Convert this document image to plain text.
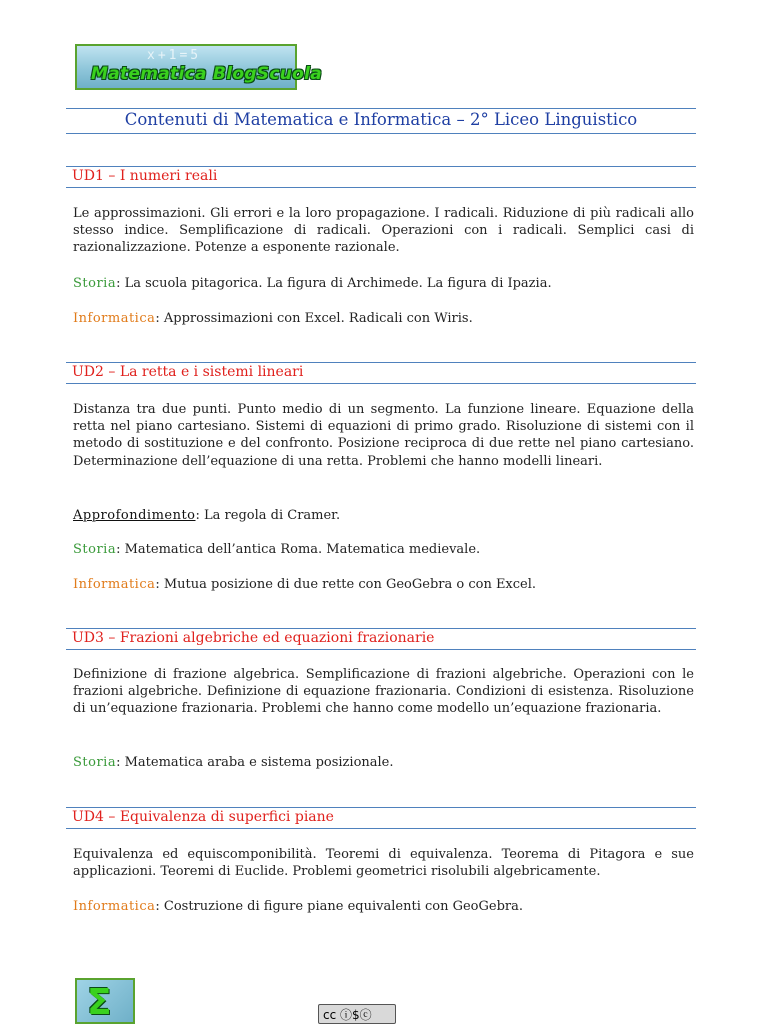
x+1=5
Matematica BlogScuola
Contenuti di Matematica e Informatica – 2° Liceo Linguistico
UD1 – I numeri reali
Le approssimazioni. Gli errori e la loro propagazione. I radicali. Riduzione di più radicali allo stesso indice. Semplificazione di radicali. Operazioni con i radicali. Semplici casi di razionalizzazione. Potenze a esponente razionale.
Storia: La scuola pitagorica. La figura di Archimede. La figura di Ipazia.
Informatica: Approssimazioni con Excel. Radicali con Wiris.
UD2 – La retta e i sistemi lineari
Distanza tra due punti. Punto medio di un segmento. La funzione lineare. Equazione della retta nel piano cartesiano. Sistemi di equazioni di primo grado. Risoluzione di sistemi con il metodo di sostituzione e del confronto. Posizione reciproca di due rette nel piano cartesiano. Determinazione dell’equazione di una retta. Problemi che hanno modelli lineari.
Approfondimento: La regola di Cramer.
Storia: Matematica dell’antica Roma. Matematica medievale.
Informatica: Mutua posizione di due rette con GeoGebra o con Excel.
UD3 – Frazioni algebriche ed equazioni frazionarie
Definizione di frazione algebrica. Semplificazione di frazioni algebriche. Operazioni con le frazioni algebriche. Definizione di equazione frazionaria. Condizioni di esistenza. Risoluzione di un’equazione frazionaria. Problemi che hanno come modello un’equazione frazionaria.
Storia: Matematica araba e sistema posizionale.
UD4 – Equivalenza di superfici piane
Equivalenza ed equiscomponibilità. Teoremi di equivalenza. Teorema di Pitagora e sue applicazioni. Teoremi di Euclide. Problemi geometrici risolubili algebricamente.
Informatica: Costruzione di figure piane equivalenti con GeoGebra.
Σ	cc ⓘ$ⓒ
